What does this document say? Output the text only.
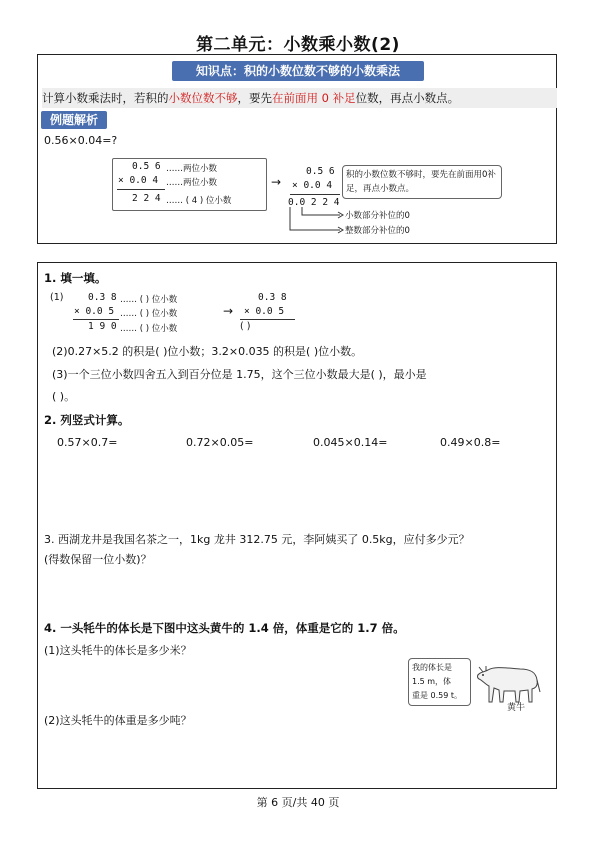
第二单元：小数乘小数(2)
知识点：积的小数位数不够的小数乘法
计算小数乘法时，若积的小数位数不够，要先在前面用 0 补足位数，再点小数点。
例题解析
0.56×0.04=?
0.5 6 ……两位小数
× 0.0 4 ……两位小数
2 2 4 …… ( 4 ) 位小数
→
0.5 6
× 0.0 4
0.0 2 2 4
积的小数位数不够时，要先在前面用0补足，再点小数点。
小数部分补位的0
整数部分补位的0
1. 填一填。
(1)	0.3 8 …… ( ) 位小数
× 0.0 5 …… ( ) 位小数
1 9 0 …… ( ) 位小数
→
0.3 8
× 0.0 5
( )
(2)0.27×5.2 的积是( )位小数；3.2×0.035 的积是( )位小数。
(3)一个三位小数四舍五入到百分位是 1.75，这个三位小数最大是( )，最小是
( )。
2. 列竖式计算。
0.57×0.7=	0.72×0.05=	0.045×0.14=	0.49×0.8=
3. 西湖龙井是我国名茶之一，1kg 龙井 312.75 元，李阿姨买了 0.5kg，应付多少元？
(得数保留一位小数)？
4. 一头牦牛的体长是下图中这头黄牛的 1.4 倍，体重是它的 1.7 倍。
(1)这头牦牛的体长是多少米？
(2)这头牦牛的体重是多少吨？
我的体长是
1.5 m，体
重是 0.59 t。
黄牛
第 6 页/共 40 页
